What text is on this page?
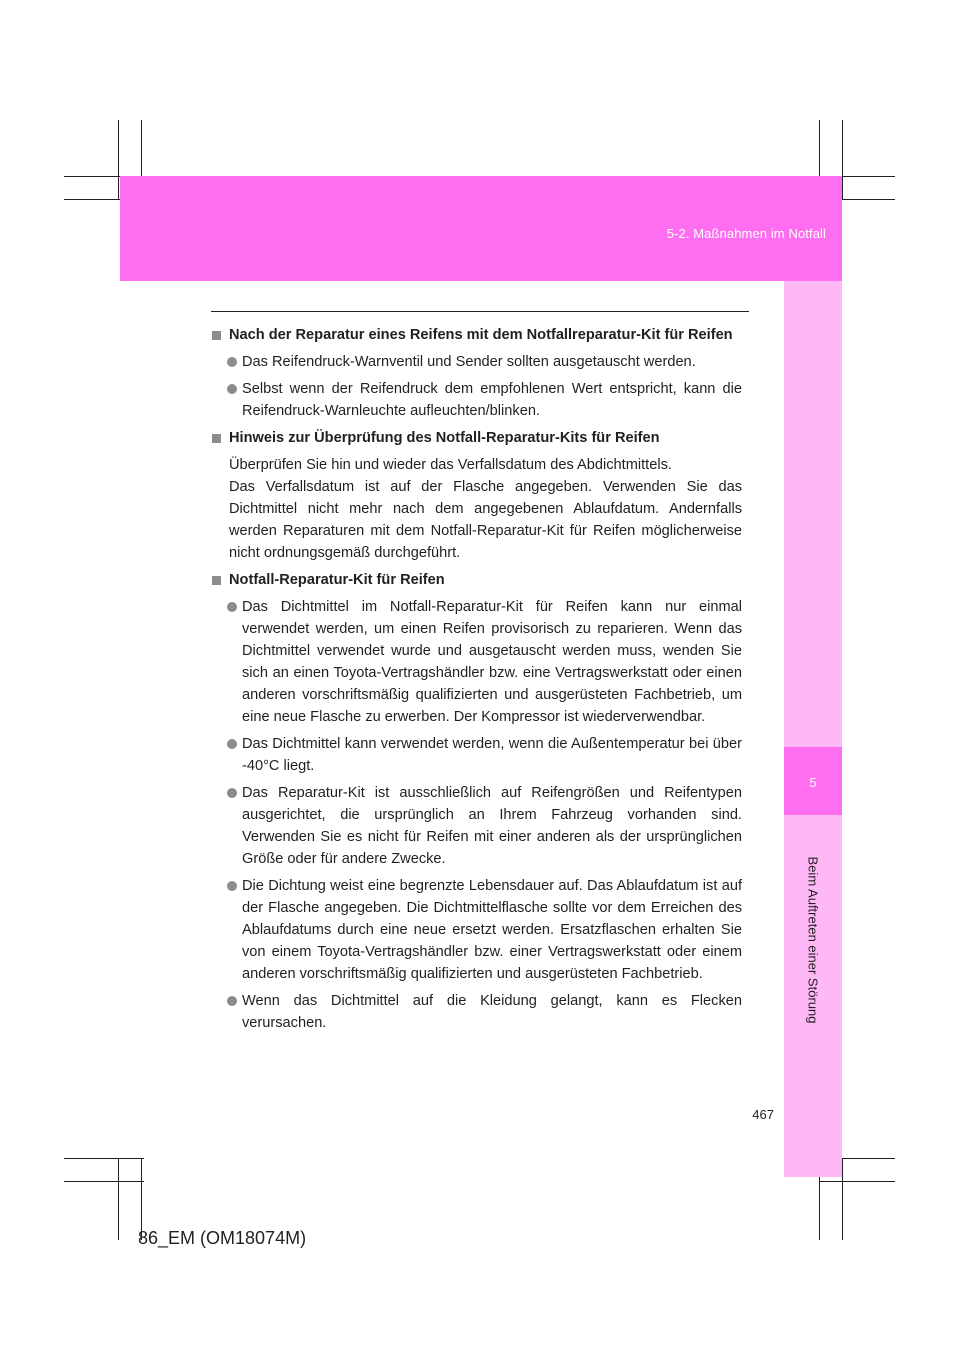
5-2. Maßnahmen im Notfall

5
Beim Auftreten einer Störung

Nach der Reparatur eines Reifens mit dem Notfallreparatur-Kit für Reifen

Das Reifendruck-Warnventil und Sender sollten ausgetauscht werden.

Selbst wenn der Reifendruck dem empfohlenen Wert entspricht, kann die Reifendruck-Warnleuchte aufleuchten/blinken.

Hinweis zur Überprüfung des Notfall-Reparatur-Kits für Reifen

Überprüfen Sie hin und wieder das Verfallsdatum des Abdichtmittels.
Das Verfallsdatum ist auf der Flasche angegeben. Verwenden Sie das Dichtmittel nicht mehr nach dem angegebenen Ablaufdatum. Andernfalls werden Reparaturen mit dem Notfall-Reparatur-Kit für Reifen möglicherweise nicht ordnungsgemäß durchgeführt.

Notfall-Reparatur-Kit für Reifen

Das Dichtmittel im Notfall-Reparatur-Kit für Reifen kann nur einmal verwendet werden, um einen Reifen provisorisch zu reparieren. Wenn das Dichtmittel verwendet wurde und ausgetauscht werden muss, wenden Sie sich an einen Toyota-Vertragshändler bzw. eine Vertragswerkstatt oder einen anderen vorschriftsmäßig qualifizierten und ausgerüsteten Fachbetrieb, um eine neue Flasche zu erwerben. Der Kompressor ist wiederverwendbar.

Das Dichtmittel kann verwendet werden, wenn die Außentemperatur bei über -40°C liegt.

Das Reparatur-Kit ist ausschließlich auf Reifengrößen und Reifentypen ausgerichtet, die ursprünglich an Ihrem Fahrzeug vorhanden sind. Verwenden Sie es nicht für Reifen mit einer anderen als der ursprünglichen Größe oder für andere Zwecke.

Die Dichtung weist eine begrenzte Lebensdauer auf. Das Ablaufdatum ist auf der Flasche angegeben. Die Dichtmittelflasche sollte vor dem Erreichen des Ablaufdatums durch eine neue ersetzt werden. Ersatzflaschen erhalten Sie von einem Toyota-Vertragshändler bzw. einer Vertragswerkstatt oder einem anderen vorschriftsmäßig qualifizierten und ausgerüsteten Fachbetrieb.

Wenn das Dichtmittel auf die Kleidung gelangt, kann es Flecken verursachen.

467
86_EM (OM18074M)
